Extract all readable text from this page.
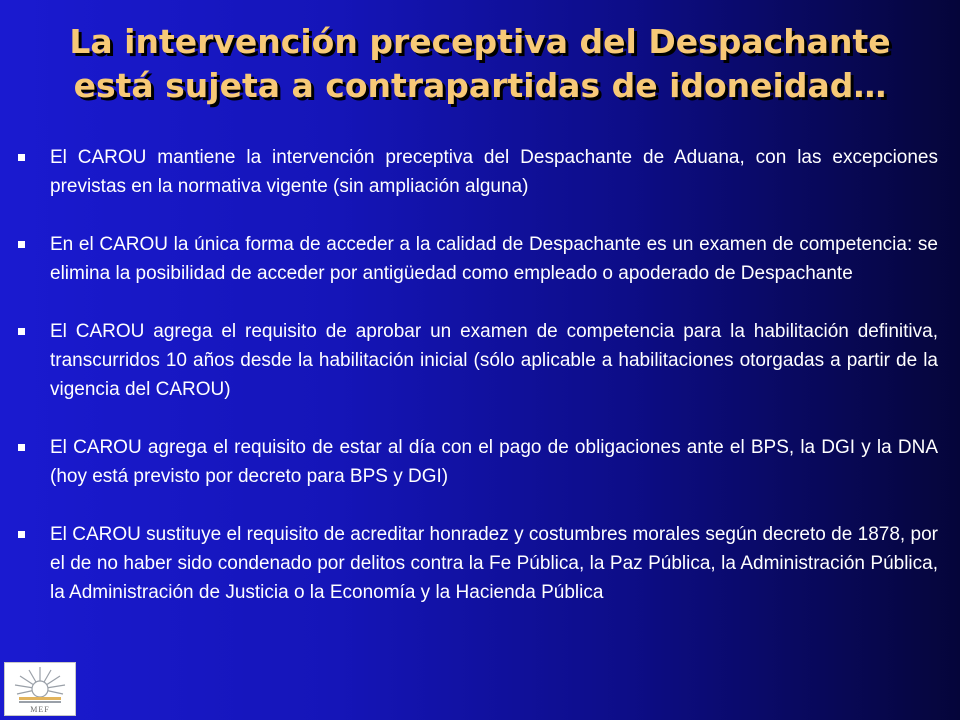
La intervención preceptiva del Despachante
está sujeta a contrapartidas de idoneidad…
El CAROU mantiene la intervención preceptiva del Despachante de Aduana, con las excepciones previstas en la normativa vigente (sin ampliación alguna)
En el CAROU la única forma de acceder a la calidad de Despachante es un examen de competencia: se elimina la posibilidad de acceder por antigüedad como empleado o apoderado de Despachante
El CAROU agrega el requisito de aprobar un examen de competencia para la habilitación definitiva, transcurridos 10 años desde la habilitación inicial (sólo aplicable a habilitaciones otorgadas a partir de la vigencia del CAROU)
El CAROU agrega el requisito de estar al día con el pago de obligaciones ante el BPS, la DGI y la DNA (hoy está previsto por decreto para BPS y DGI)
El CAROU sustituye el requisito de acreditar honradez y costumbres morales según decreto de 1878, por el de no haber sido condenado por delitos contra la Fe Pública, la Paz Pública, la Administración Pública, la Administración de Justicia o la Economía y la Hacienda Pública
MEF
